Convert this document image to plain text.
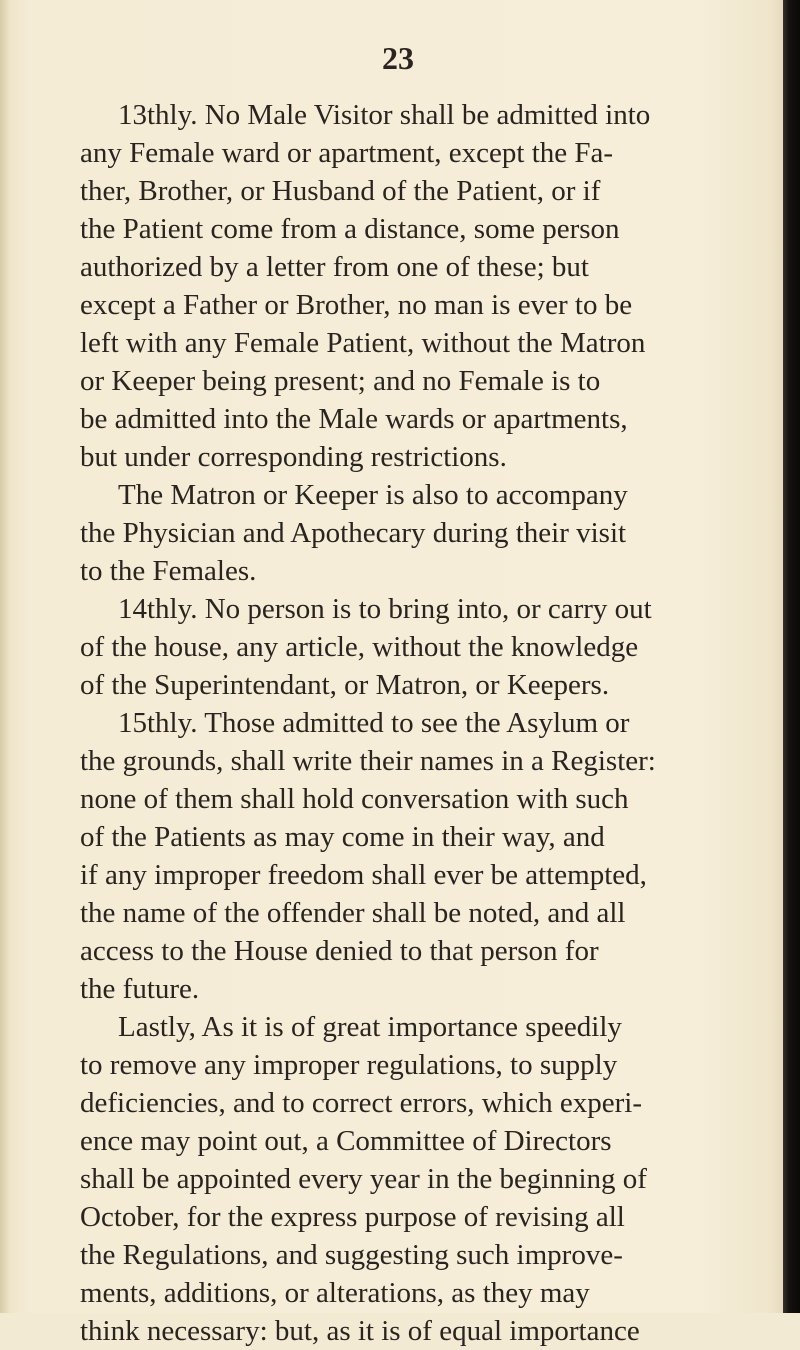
23
13thly. No Male Visitor shall be admitted into
any Female ward or apartment, except the Fa-
ther, Brother, or Husband of the Patient, or if
the Patient come from a distance, some person
authorized by a letter from one of these; but
except a Father or Brother, no man is ever to be
left with any Female Patient, without the Matron
or Keeper being present; and no Female is to
be admitted into the Male wards or apartments,
but under corresponding restrictions.
The Matron or Keeper is also to accompany
the Physician and Apothecary during their visit
to the Females.
14thly. No person is to bring into, or carry out
of the house, any article, without the knowledge
of the Superintendant, or Matron, or Keepers.
15thly. Those admitted to see the Asylum or
the grounds, shall write their names in a Register:
none of them shall hold conversation with such
of the Patients as may come in their way, and
if any improper freedom shall ever be attempted,
the name of the offender shall be noted, and all
access to the House denied to that person for
the future.
Lastly, As it is of great importance speedily
to remove any improper regulations, to supply
deficiencies, and to correct errors, which experi-
ence may point out, a Committee of Directors
shall be appointed every year in the beginning of
October, for the express purpose of revising all
the Regulations, and suggesting such improve-
ments, additions, or alterations, as they may
think necessary: but, as it is of equal importance
